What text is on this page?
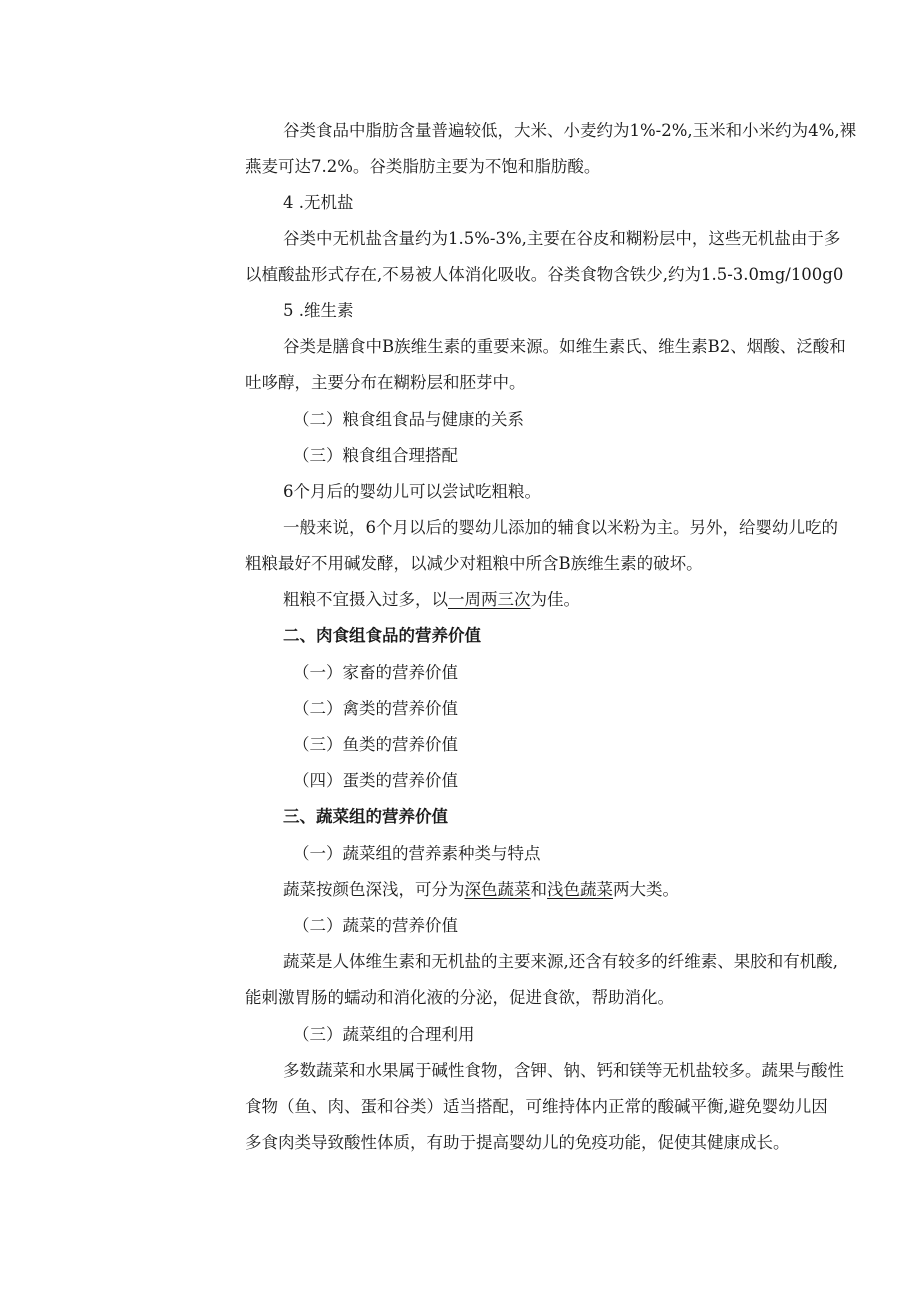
谷类食品中脂肪含量普遍较低，大米、小麦约为1%-2%,玉米和小米约为4%,裸
燕麦可达7.2%。谷类脂肪主要为不饱和脂肪酸。
4 .无机盐
谷类中无机盐含量约为1.5%-3%,主要在谷皮和糊粉层中，这些无机盐由于多
以植酸盐形式存在,不易被人体消化吸收。谷类食物含铁少,约为1.5-3.0mg/100g0
5 .维生素
谷类是膳食中B族维生素的重要来源。如维生素氏、维生素B2、烟酸、泛酸和
吐哆醇，主要分布在糊粉层和胚芽中。
（二）粮食组食品与健康的关系
（三）粮食组合理搭配
6个月后的婴幼儿可以尝试吃粗粮。
一般来说，6个月以后的婴幼儿添加的辅食以米粉为主。另外，给婴幼儿吃的
粗粮最好不用碱发酵，以减少对粗粮中所含B族维生素的破坏。
粗粮不宜摄入过多，以一周两三次为佳。
二、肉食组食品的营养价值
（一）家畜的营养价值
（二）禽类的营养价值
（三）鱼类的营养价值
（四）蛋类的营养价值
三、蔬菜组的营养价值
（一）蔬菜组的营养素种类与特点
蔬菜按颜色深浅，可分为深色蔬菜和浅色蔬菜两大类。
（二）蔬菜的营养价值
蔬菜是人体维生素和无机盐的主要来源,还含有较多的纤维素、果胶和有机酸,
能刺激胃肠的蠕动和消化液的分泌，促进食欲，帮助消化。
（三）蔬菜组的合理利用
多数蔬菜和水果属于碱性食物，含钾、钠、钙和镁等无机盐较多。蔬果与酸性
食物（鱼、肉、蛋和谷类）适当搭配，可维持体内正常的酸碱平衡,避免婴幼儿因
多食肉类导致酸性体质，有助于提高婴幼儿的免疫功能，促使其健康成长。
